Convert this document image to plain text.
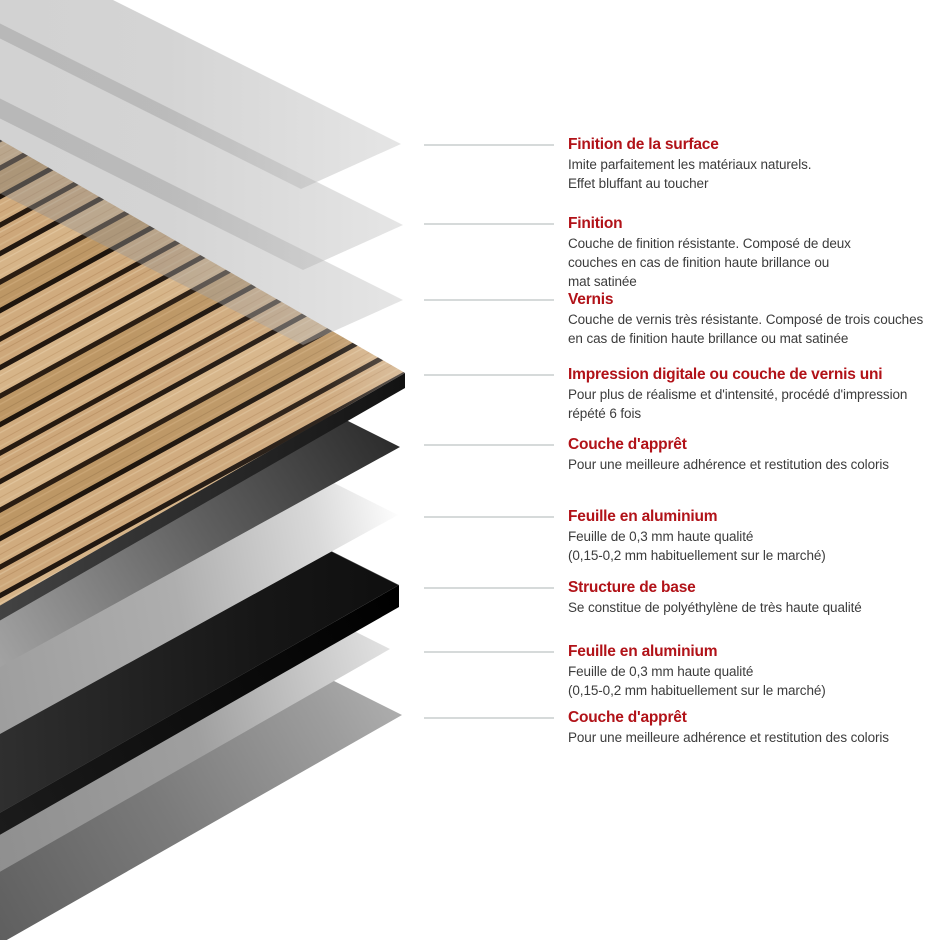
Finition de la surface

Imite parfaitement les matériaux naturels.

Effet bluffant au toucher

Finition

Couche de finition résistante. Composé de deux

couches en cas de finition haute brillance ou

mat satinée

Vernis

Couche de vernis très résistante. Composé de trois couches

en cas de finition haute brillance ou mat satinée

Impression digitale ou couche de vernis uni

Pour plus de réalisme et d'intensité, procédé d'impression

répété 6 fois

Couche d'apprêt

Pour une meilleure adhérence et restitution des coloris

Feuille en aluminium

Feuille de 0,3 mm haute qualité

(0,15-0,2 mm habituellement sur le marché)

Structure de base

Se constitue de polyéthylène de très haute qualité

Feuille en aluminium

Feuille de 0,3 mm haute qualité

(0,15-0,2 mm habituellement sur le marché)

Couche d'apprêt

Pour une meilleure adhérence et restitution des coloris
